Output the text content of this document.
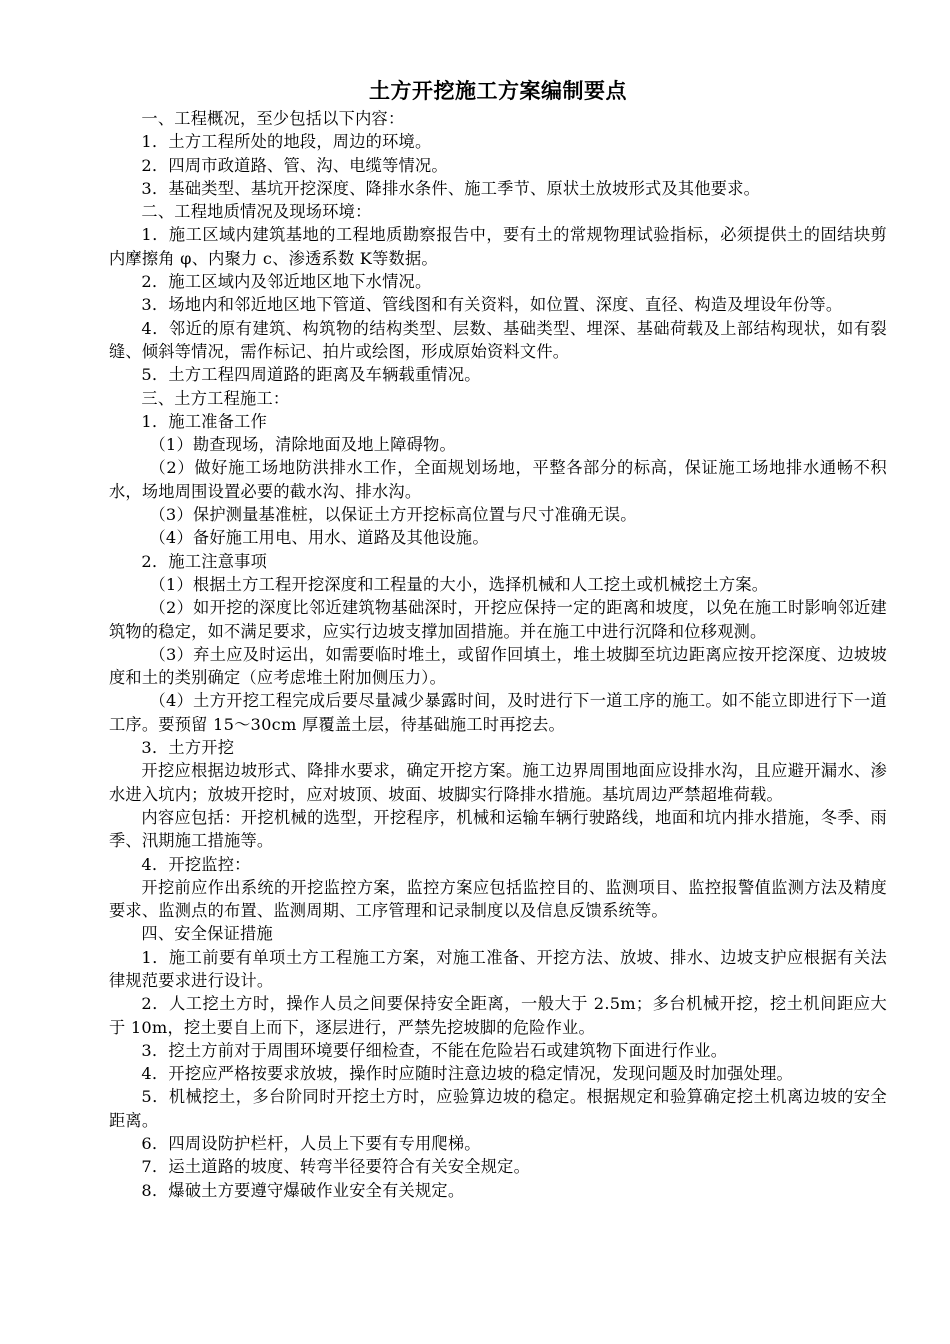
土方开挖施工方案编制要点

一、工程概况，至少包括以下内容：

1．土方工程所处的地段，周边的环境。

2．四周市政道路、管、沟、电缆等情况。

3．基础类型、基坑开挖深度、降排水条件、施工季节、原状土放坡形式及其他要求。

二、工程地质情况及现场环境：

1．施工区域内建筑基地的工程地质勘察报告中，要有土的常规物理试验指标，必须提供土的固结块剪内摩擦角 φ、内聚力 c、渗透系数 K等数据。

2．施工区域内及邻近地区地下水情况。

3．场地内和邻近地区地下管道、管线图和有关资料，如位置、深度、直径、构造及埋设年份等。

4．邻近的原有建筑、构筑物的结构类型、层数、基础类型、埋深、基础荷载及上部结构现状，如有裂缝、倾斜等情况，需作标记、拍片或绘图，形成原始资料文件。

5．土方工程四周道路的距离及车辆载重情况。

三、土方工程施工：

1．施工准备工作

（1）勘查现场，清除地面及地上障碍物。

（2）做好施工场地防洪排水工作，全面规划场地，平整各部分的标高，保证施工场地排水通畅不积水，场地周围设置必要的截水沟、排水沟。

（3）保护测量基准桩，以保证土方开挖标高位置与尺寸准确无误。

（4）备好施工用电、用水、道路及其他设施。

2．施工注意事项

（1）根据土方工程开挖深度和工程量的大小，选择机械和人工挖土或机械挖土方案。

（2）如开挖的深度比邻近建筑物基础深时，开挖应保持一定的距离和坡度，以免在施工时影响邻近建筑物的稳定，如不满足要求，应实行边坡支撑加固措施。并在施工中进行沉降和位移观测。

（3）弃土应及时运出，如需要临时堆土，或留作回填土，堆土坡脚至坑边距离应按开挖深度、边坡坡度和土的类别确定（应考虑堆土附加侧压力）。

（4）土方开挖工程完成后要尽量减少暴露时间，及时进行下一道工序的施工。如不能立即进行下一道工序。要预留 15～30cm 厚覆盖土层，待基础施工时再挖去。

3．土方开挖

开挖应根据边坡形式、降排水要求，确定开挖方案。施工边界周围地面应设排水沟，且应避开漏水、渗水进入坑内；放坡开挖时，应对坡顶、坡面、坡脚实行降排水措施。基坑周边严禁超堆荷载。

内容应包括：开挖机械的选型，开挖程序，机械和运输车辆行驶路线，地面和坑内排水措施，冬季、雨季、汛期施工措施等。

4．开挖监控：

开挖前应作出系统的开挖监控方案，监控方案应包括监控目的、监测项目、监控报警值监测方法及精度要求、监测点的布置、监测周期、工序管理和记录制度以及信息反馈系统等。

四、安全保证措施

1．施工前要有单项土方工程施工方案，对施工准备、开挖方法、放坡、排水、边坡支护应根据有关法律规范要求进行设计。

2．人工挖土方时，操作人员之间要保持安全距离，一般大于 2.5m；多台机械开挖，挖土机间距应大于 10m，挖土要自上而下，逐层进行，严禁先挖坡脚的危险作业。

3．挖土方前对于周围环境要仔细检查，不能在危险岩石或建筑物下面进行作业。

4．开挖应严格按要求放坡，操作时应随时注意边坡的稳定情况，发现问题及时加强处理。

5．机械挖土，多台阶同时开挖土方时，应验算边坡的稳定。根据规定和验算确定挖土机离边坡的安全距离。

6．四周设防护栏杆，人员上下要有专用爬梯。

7．运土道路的坡度、转弯半径要符合有关安全规定。

8．爆破土方要遵守爆破作业安全有关规定。
